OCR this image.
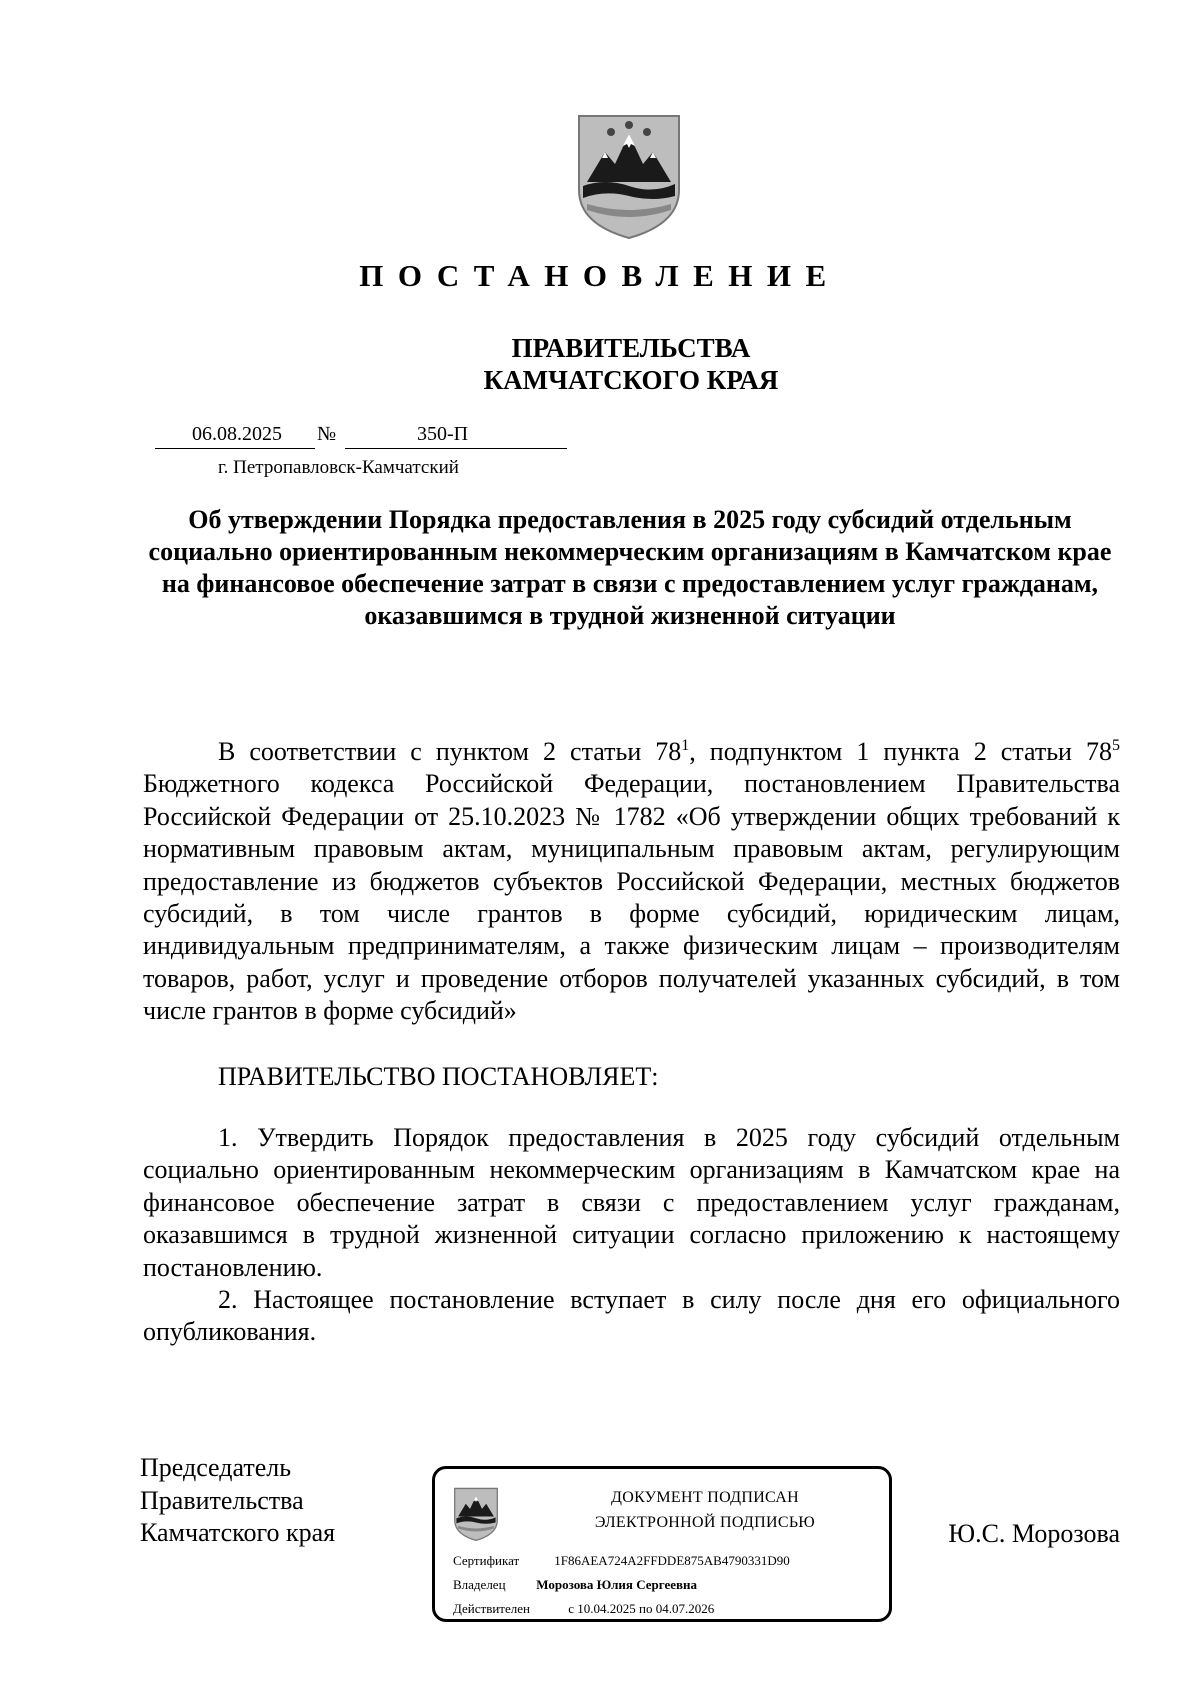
ПОСТАНОВЛЕНИЕ
ПРАВИТЕЛЬСТВА
КАМЧАТСКОГО КРАЯ
06.08.2025 №	350-П
г. Петропавловск-Камчатский
Об утверждении Порядка предоставления в 2025 году субсидий отдельным социально ориентированным некоммерческим организациям в Камчатском крае на финансовое обеспечение затрат в связи с предоставлением услуг гражданам, оказавшимся в трудной жизненной ситуации
В соответствии с пунктом 2 статьи $78^1$, подпунктом 1 пункта 2 статьи $78^5$ Бюджетного кодекса Российской Федерации, постановлением Правительства Российской Федерации от 25.10.2023 № 1782 «Об утверждении общих требований к нормативным правовым актам, муниципальным правовым актам, регулирующим предоставление из бюджетов субъектов Российской Федерации, местных бюджетов субсидий, в том числе грантов в форме субсидий, юридическим лицам, индивидуальным предпринимателям, а также физическим лицам – производителям товаров, работ, услуг и проведение отборов получателей указанных субсидий, в том числе грантов в форме субсидий»
ПРАВИТЕЛЬСТВО ПОСТАНОВЛЯЕТ:
1. Утвердить Порядок предоставления в 2025 году субсидий отдельным социально ориентированным некоммерческим организациям в Камчатском крае на финансовое обеспечение затрат в связи с предоставлением услуг гражданам, оказавшимся в трудной жизненной ситуации согласно приложению к настоящему постановлению.
2. Настоящее постановление вступает в силу после дня его официального опубликования.
Председатель
Правительства
Камчатского края	Ю.С. Морозова
ДОКУМЕНТ ПОДПИСАН
ЭЛЕКТРОННОЙ ПОДПИСЬЮ
Сертификат	1F86AEA724A2FFDDE875AB4790331D90
Владелец Морозова Юлия Сергеевна
Действителен	с 10.04.2025 по 04.07.2026
